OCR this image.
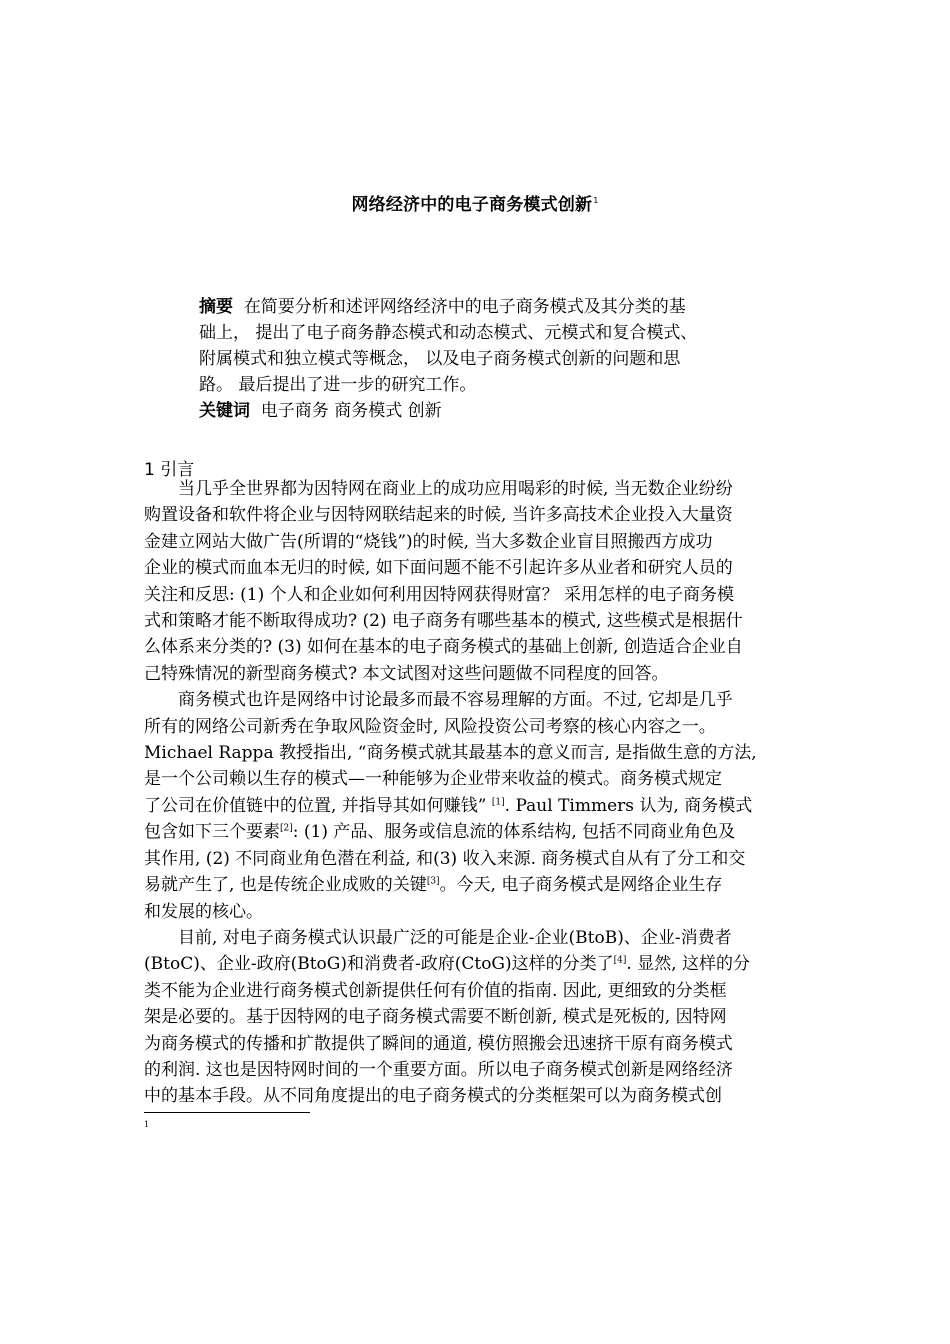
网络经济中的电子商务模式创新$^1$
摘要 在简要分析和述评网络经济中的电子商务模式及其分类的基
础上， 提出了电子商务静态模式和动态模式、元模式和复合模式、
附属模式和独立模式等概念， 以及电子商务模式创新的问题和思
路。 最后提出了进一步的研究工作。
关键词 电子商务 商务模式 创新
1 引言
当几乎全世界都为因特网在商业上的成功应用喝彩的时候, 当无数企业纷纷
购置设备和软件将企业与因特网联结起来的时候, 当许多高技术企业投入大量资
金建立网站大做广告(所谓的“烧钱”)的时候, 当大多数企业盲目照搬西方成功
企业的模式而血本无归的时候, 如下面问题不能不引起许多从业者和研究人员的
关注和反思: (1) 个人和企业如何利用因特网获得财富？ 采用怎样的电子商务模
式和策略才能不断取得成功? (2) 电子商务有哪些基本的模式, 这些模式是根据什
么体系来分类的? (3) 如何在基本的电子商务模式的基础上创新, 创造适合企业自
己特殊情况的新型商务模式? 本文试图对这些问题做不同程度的回答。
商务模式也许是网络中讨论最多而最不容易理解的方面。不过, 它却是几乎
所有的网络公司新秀在争取风险资金时, 风险投资公司考察的核心内容之一。
Michael Rappa 教授指出, “商务模式就其最基本的意义而言, 是指做生意的方法,
是一个公司赖以生存的模式—一种能够为企业带来收益的模式。商务模式规定
了公司在价值链中的位置, 并指导其如何赚钱” [1]. Paul Timmers 认为, 商务模式
包含如下三个要素[2]: (1) 产品、服务或信息流的体系结构, 包括不同商业角色及
其作用, (2) 不同商业角色潜在利益, 和(3) 收入来源. 商务模式自从有了分工和交
易就产生了, 也是传统企业成败的关键[3]。今天, 电子商务模式是网络企业生存
和发展的核心。
目前, 对电子商务模式认识最广泛的可能是企业-企业(BtoB)、企业-消费者
(BtoC)、企业-政府(BtoG)和消费者-政府(CtoG)这样的分类了[4]. 显然, 这样的分
类不能为企业进行商务模式创新提供任何有价值的指南. 因此, 更细致的分类框
架是必要的。基于因特网的电子商务模式需要不断创新, 模式是死板的, 因特网
为商务模式的传播和扩散提供了瞬间的通道, 模仿照搬会迅速挤干原有商务模式
的利润. 这也是因特网时间的一个重要方面。所以电子商务模式创新是网络经济
中的基本手段。从不同角度提出的电子商务模式的分类框架可以为商务模式创
1
